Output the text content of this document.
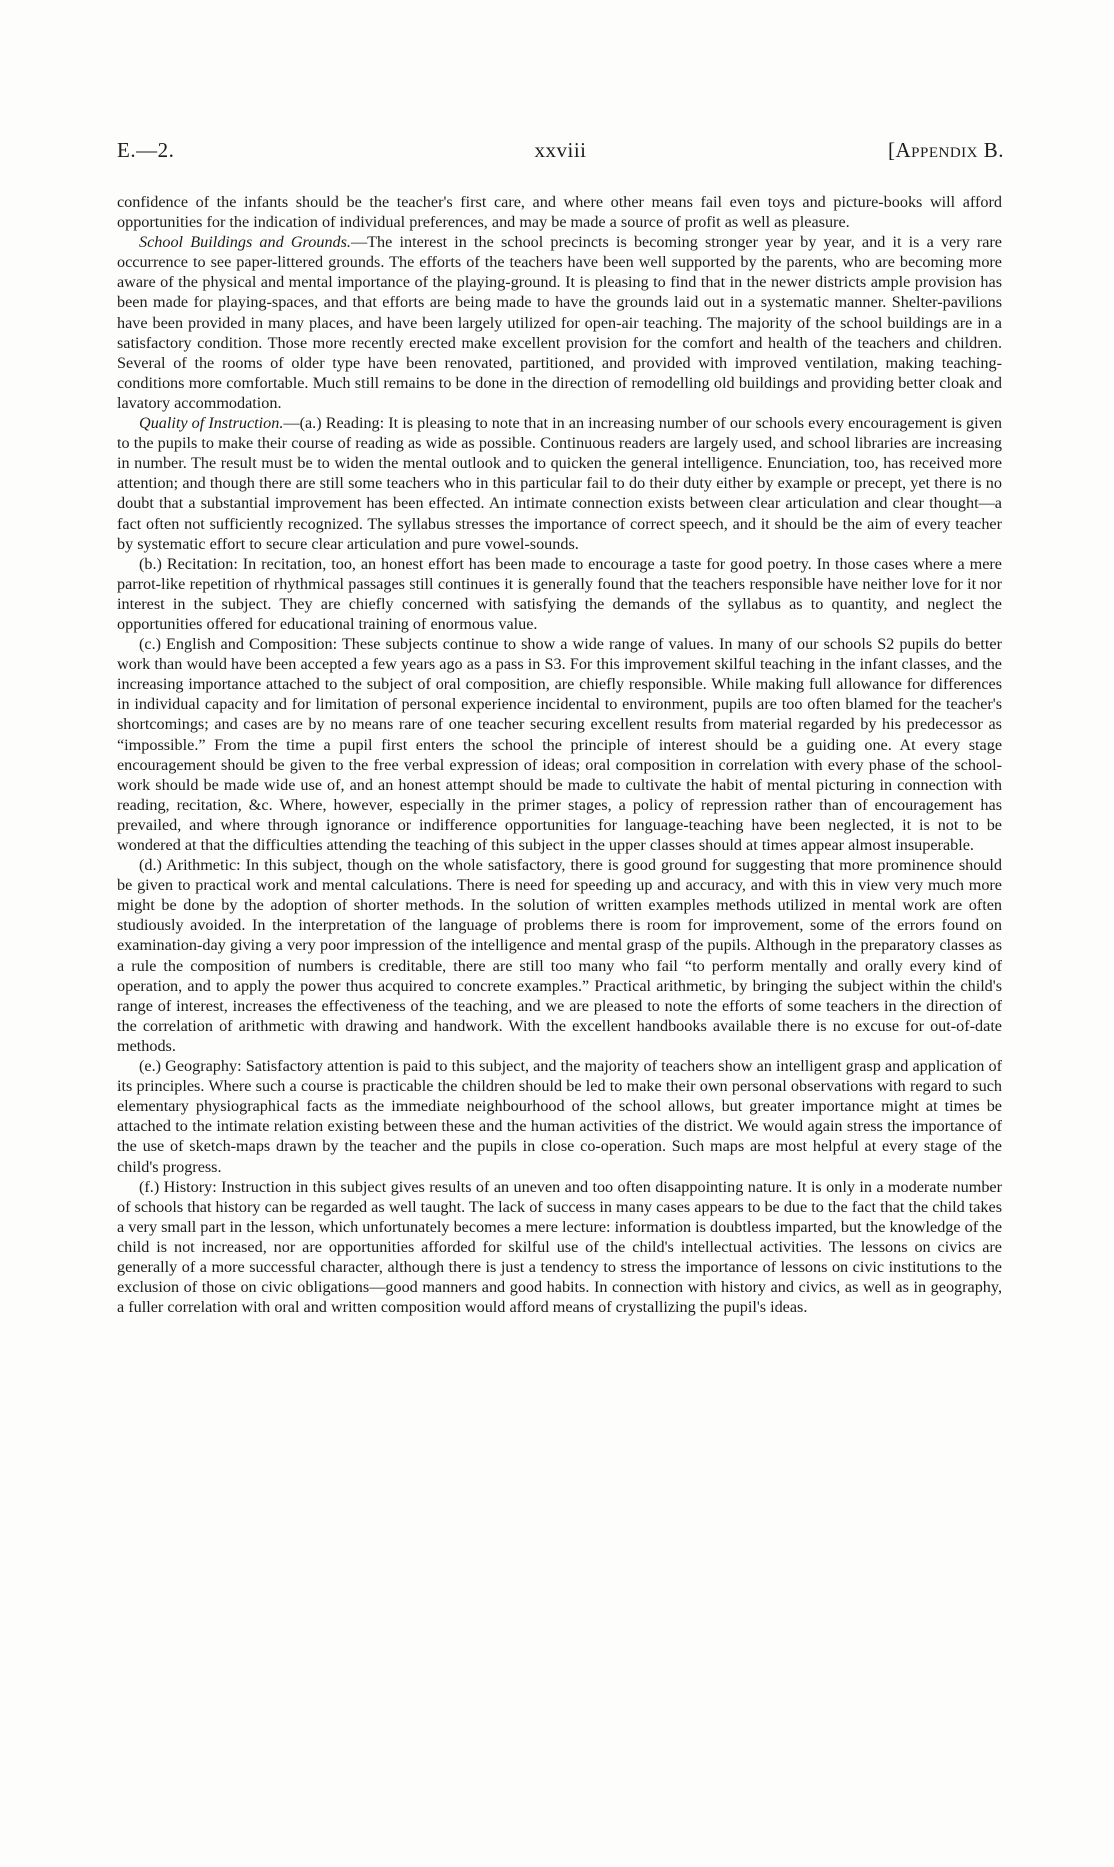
E.—2.	xxviii	[Appendix B.

confidence of the infants should be the teacher's first care, and where other means fail even toys and picture-books will afford opportunities for the indication of individual preferences, and may be made a source of profit as well as pleasure.

School Buildings and Grounds.—The interest in the school precincts is becoming stronger year by year, and it is a very rare occurrence to see paper-littered grounds. The efforts of the teachers have been well supported by the parents, who are becoming more aware of the physical and mental importance of the playing-ground. It is pleasing to find that in the newer districts ample provision has been made for playing-spaces, and that efforts are being made to have the grounds laid out in a systematic manner. Shelter-pavilions have been provided in many places, and have been largely utilized for open-air teaching. The majority of the school buildings are in a satisfactory condition. Those more recently erected make excellent provision for the comfort and health of the teachers and children. Several of the rooms of older type have been renovated, partitioned, and provided with improved ventilation, making teaching-conditions more comfortable. Much still remains to be done in the direction of remodelling old buildings and providing better cloak and lavatory accommodation.

Quality of Instruction.—(a.) Reading: It is pleasing to note that in an increasing number of our schools every encouragement is given to the pupils to make their course of reading as wide as possible. Continuous readers are largely used, and school libraries are increasing in number. The result must be to widen the mental outlook and to quicken the general intelligence. Enunciation, too, has received more attention; and though there are still some teachers who in this particular fail to do their duty either by example or precept, yet there is no doubt that a substantial improvement has been effected. An intimate connection exists between clear articulation and clear thought—a fact often not sufficiently recognized. The syllabus stresses the importance of correct speech, and it should be the aim of every teacher by systematic effort to secure clear articulation and pure vowel-sounds.

(b.) Recitation: In recitation, too, an honest effort has been made to encourage a taste for good poetry. In those cases where a mere parrot-like repetition of rhythmical passages still continues it is generally found that the teachers responsible have neither love for it nor interest in the subject. They are chiefly concerned with satisfying the demands of the syllabus as to quantity, and neglect the opportunities offered for educational training of enormous value.

(c.) English and Composition: These subjects continue to show a wide range of values. In many of our schools S2 pupils do better work than would have been accepted a few years ago as a pass in S3. For this improvement skilful teaching in the infant classes, and the increasing importance attached to the subject of oral composition, are chiefly responsible. While making full allowance for differences in individual capacity and for limitation of personal experience incidental to environment, pupils are too often blamed for the teacher's shortcomings; and cases are by no means rare of one teacher securing excellent results from material regarded by his predecessor as “impossible.” From the time a pupil first enters the school the principle of interest should be a guiding one. At every stage encouragement should be given to the free verbal expression of ideas; oral composition in correlation with every phase of the school-work should be made wide use of, and an honest attempt should be made to cultivate the habit of mental picturing in connection with reading, recitation, &c. Where, however, especially in the primer stages, a policy of repression rather than of encouragement has prevailed, and where through ignorance or indifference opportunities for language-teaching have been neglected, it is not to be wondered at that the difficulties attending the teaching of this subject in the upper classes should at times appear almost insuperable.

(d.) Arithmetic: In this subject, though on the whole satisfactory, there is good ground for suggesting that more prominence should be given to practical work and mental calculations. There is need for speeding up and accuracy, and with this in view very much more might be done by the adoption of shorter methods. In the solution of written examples methods utilized in mental work are often studiously avoided. In the interpretation of the language of problems there is room for improvement, some of the errors found on examination-day giving a very poor impression of the intelligence and mental grasp of the pupils. Although in the preparatory classes as a rule the composition of numbers is creditable, there are still too many who fail “to perform mentally and orally every kind of operation, and to apply the power thus acquired to concrete examples.” Practical arithmetic, by bringing the subject within the child's range of interest, increases the effectiveness of the teaching, and we are pleased to note the efforts of some teachers in the direction of the correlation of arithmetic with drawing and handwork. With the excellent handbooks available there is no excuse for out-of-date methods.

(e.) Geography: Satisfactory attention is paid to this subject, and the majority of teachers show an intelligent grasp and application of its principles. Where such a course is practicable the children should be led to make their own personal observations with regard to such elementary physiographical facts as the immediate neighbourhood of the school allows, but greater importance might at times be attached to the intimate relation existing between these and the human activities of the district. We would again stress the importance of the use of sketch-maps drawn by the teacher and the pupils in close co-operation. Such maps are most helpful at every stage of the child's progress.

(f.) History: Instruction in this subject gives results of an uneven and too often disappointing nature. It is only in a moderate number of schools that history can be regarded as well taught. The lack of success in many cases appears to be due to the fact that the child takes a very small part in the lesson, which unfortunately becomes a mere lecture: information is doubtless imparted, but the knowledge of the child is not increased, nor are opportunities afforded for skilful use of the child's intellectual activities. The lessons on civics are generally of a more successful character, although there is just a tendency to stress the importance of lessons on civic institutions to the exclusion of those on civic obligations—good manners and good habits. In connection with history and civics, as well as in geography, a fuller correlation with oral and written composition would afford means of crystallizing the pupil's ideas.
